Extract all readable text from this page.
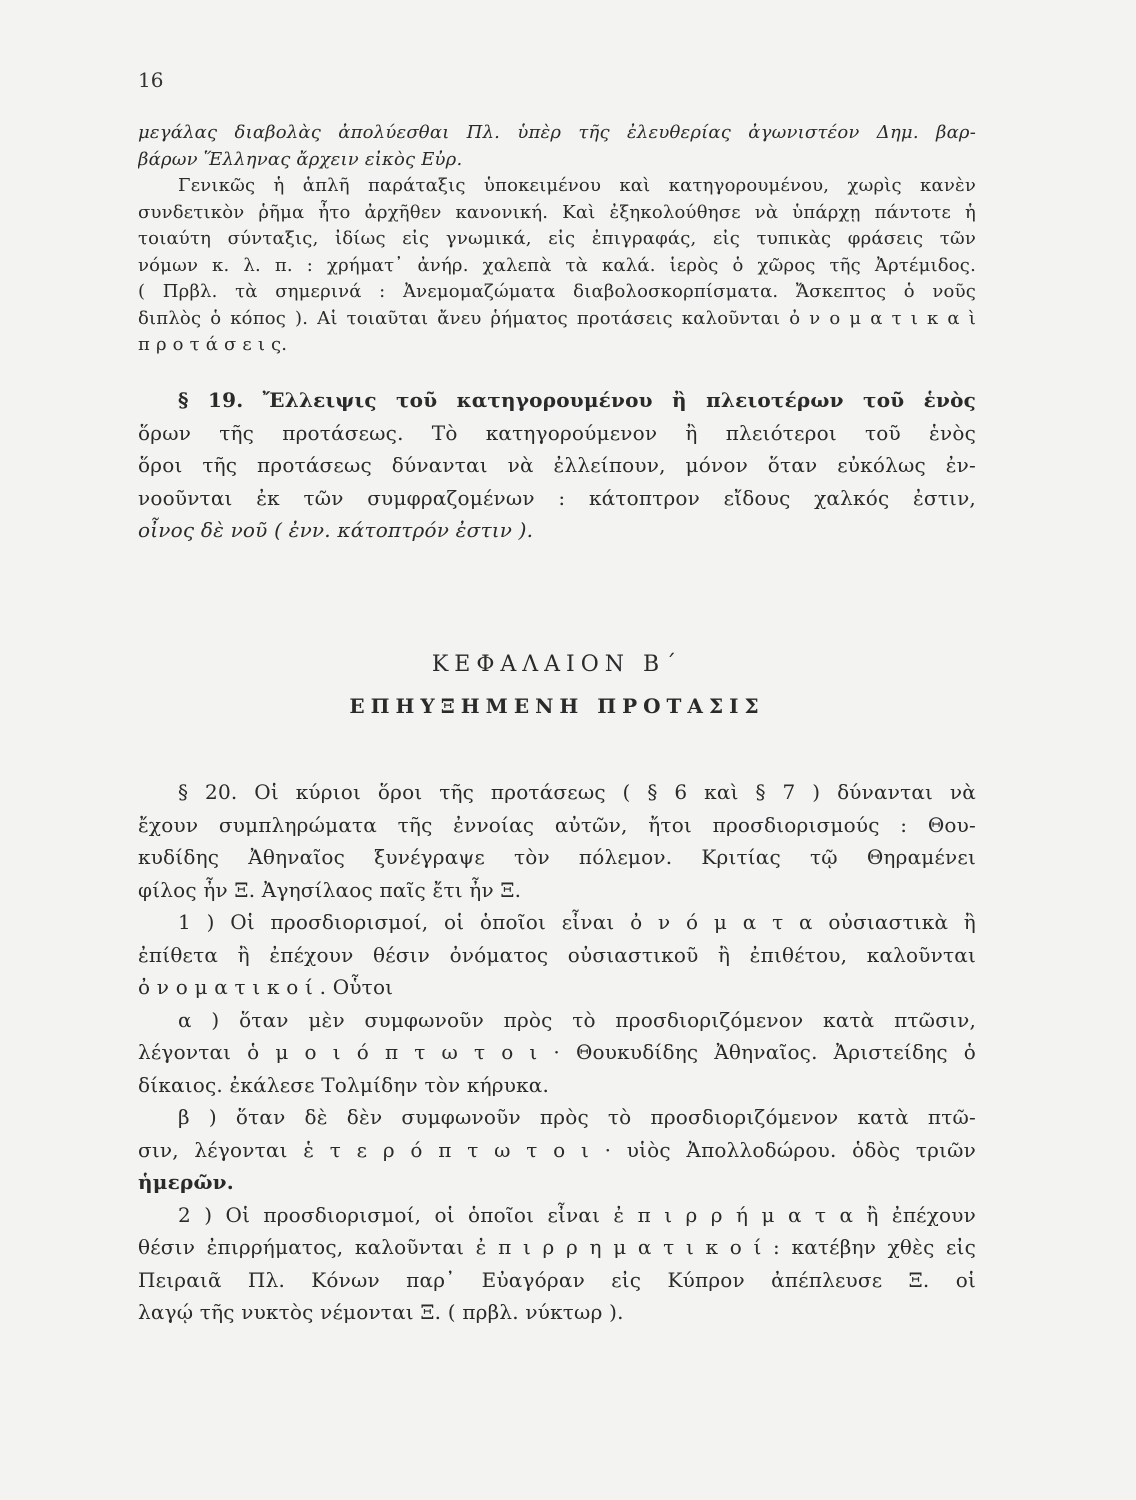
16
μεγάλας διαβολὰς ἀπολύεσθαι Πλ. ὑπὲρ τῆς ἐλευθερίας ἀγωνιστέον Δημ. βαρ-
βάρων Ἕλληνας ἄρχειν εἰκὸς Εὐρ.
Γενικῶς ἡ ἁπλῆ παράταξις ὑποκειμένου καὶ κατηγορουμένου, χωρὶς κανὲν
συνδετικὸν ῥῆμα ἦτο ἀρχῆθεν κανονική. Καὶ ἐξηκολούθησε νὰ ὑπάρχῃ πάντοτε ἡ
τοιαύτη σύνταξις, ἰδίως εἰς γνωμικά, εἰς ἐπιγραφάς, εἰς τυπικὰς φράσεις τῶν
νόμων κ. λ. π. : χρήματ᾽ ἀνήρ. χαλεπὰ τὰ καλά. ἱερὸς ὁ χῶρος τῆς Ἀρτέμιδος.
( Πρβλ. τὰ σημερινά : Ἀνεμομαζώματα διαβολοσκορπίσματα. Ἄσκεπτος ὁ νοῦς
διπλὸς ὁ κόπος ). Αἱ τοιαῦται ἄνευ ῥήματος προτάσεις καλοῦνται ὀ ν ο μ α τ ι κ α ὶ
π ρ ο τ ά σ ε ι ς.
§ 19. Ἔλλειψις τοῦ κατηγορουμένου ἢ πλειοτέρων τοῦ ἑνὸς
ὅρων τῆς προτάσεως. Τὸ κατηγορούμενον ἢ πλειότεροι τοῦ ἑνὸς
ὅροι τῆς προτάσεως δύνανται νὰ ἐλλείπουν, μόνον ὅταν εὐκόλως ἐν-
νοοῦνται ἐκ τῶν συμφραζομένων : κάτοπτρον εἴδους χαλκός ἐστιν,
οἶνος δὲ νοῦ ( ἐνν. κάτοπτρόν ἐστιν ).
ΚΕΦΑΛΑΙΟΝ Β΄
ΕΠΗΥΞΗΜΕΝΗ ΠΡΟΤΑΣΙΣ
§ 20. Οἱ κύριοι ὅροι τῆς προτάσεως ( § 6 καὶ § 7 ) δύνανται νὰ
ἔχουν συμπληρώματα τῆς ἐννοίας αὐτῶν, ἤτοι προσδιορισμούς : Θου-
κυδίδης Ἀθηναῖος ξυνέγραψε τὸν πόλεμον. Κριτίας τῷ Θηραμένει
φίλος ἦν Ξ. Ἀγησίλαος παῖς ἔτι ἦν Ξ.
1 ) Οἱ προσδιορισμοί, οἱ ὁποῖοι εἶναι ὀ ν ό μ α τ α οὐσιαστικὰ ἢ
ἐπίθετα ἢ ἐπέχουν θέσιν ὀνόματος οὐσιαστικοῦ ἢ ἐπιθέτου, καλοῦνται
ὀ ν ο μ α τ ι κ ο ί . Οὗτοι
α ) ὅταν μὲν συμφωνοῦν πρὸς τὸ προσδιοριζόμενον κατὰ πτῶσιν,
λέγονται ὁ μ ο ι ό π τ ω τ ο ι · Θουκυδίδης Ἀθηναῖος. Ἀριστείδης ὁ
δίκαιος. ἐκάλεσε Τολμίδην τὸν κήρυκα.
β ) ὅταν δὲ δὲν συμφωνοῦν πρὸς τὸ προσδιοριζόμενον κατὰ πτῶ-
σιν, λέγονται ἑ τ ε ρ ό π τ ω τ ο ι · υἱὸς Ἀπολλοδώρου. ὁδὸς τριῶν
ἡμερῶν.
2 ) Οἱ προσδιορισμοί, οἱ ὁποῖοι εἶναι ἐ π ι ρ ρ ή μ α τ α ἢ ἐπέχουν
θέσιν ἐπιρρήματος, καλοῦνται ἐ π ι ρ ρ η μ α τ ι κ ο ί : κατέβην χθὲς εἰς
Πειραιᾶ Πλ. Κόνων παρ᾽ Εὐαγόραν εἰς Κύπρον ἀπέπλευσε Ξ. οἱ
λαγῴ τῆς νυκτὸς νέμονται Ξ. ( πρβλ. νύκτωρ ).
